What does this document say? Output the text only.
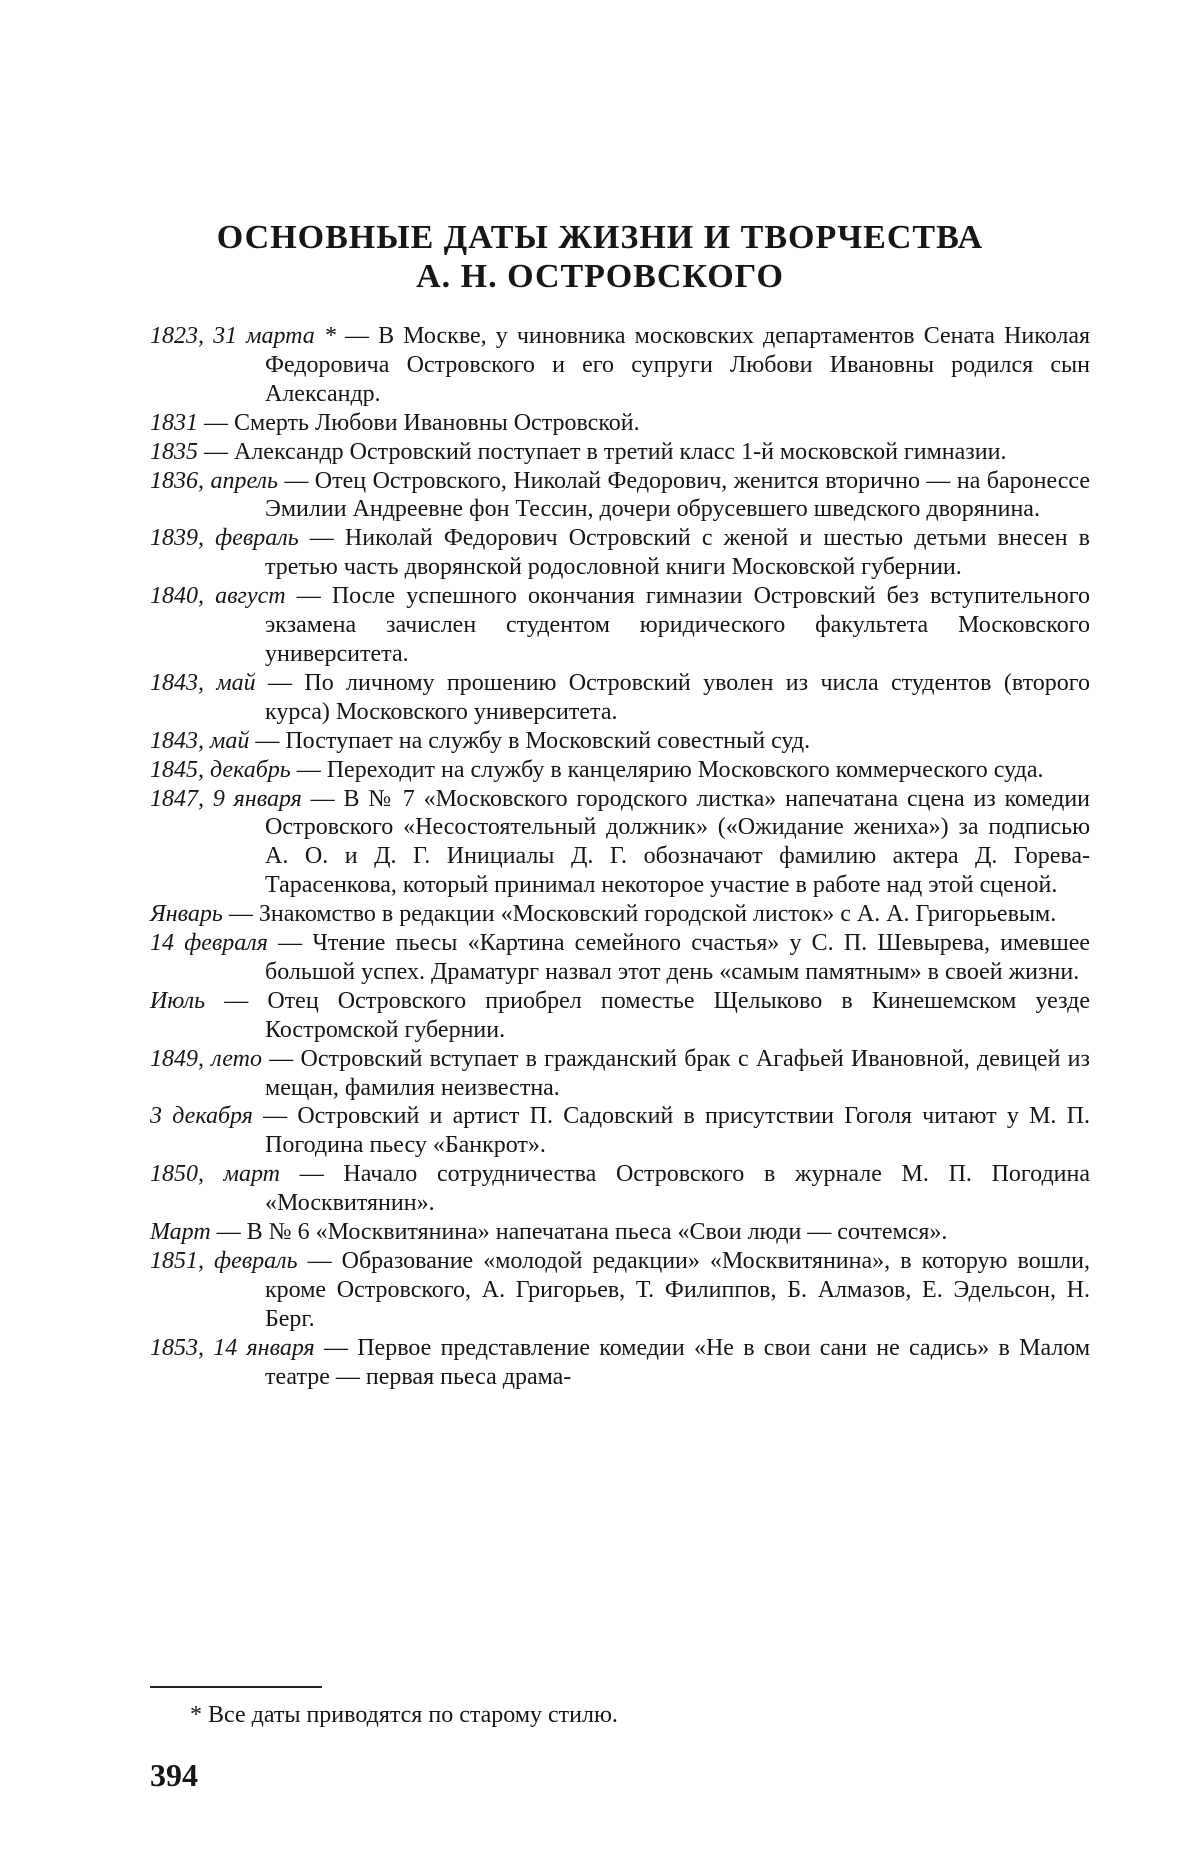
ОСНОВНЫЕ ДАТЫ ЖИЗНИ И ТВОРЧЕСТВА
А. Н. ОСТРОВСКОГО

1823, 31 марта * — В Москве, у чиновника московских департаментов Сената Николая Федоровича Островского и его супруги Любови Ивановны родился сын Александр.

1831 — Смерть Любови Ивановны Островской.

1835 — Александр Островский поступает в третий класс 1-й московской гимназии.

1836, апрель — Отец Островского, Николай Федорович, женится вторично — на баронессе Эмилии Андреевне фон Тессин, дочери обрусевшего шведского дворянина.

1839, февраль — Николай Федорович Островский с женой и шестью детьми внесен в третью часть дворянской родословной книги Московской губернии.

1840, август — После успешного окончания гимназии Островский без вступительного экзамена зачислен студентом юридического факультета Московского университета.

1843, май — По личному прошению Островский уволен из числа студентов (второго курса) Московского университета.

1843, май — Поступает на службу в Московский совестный суд.

1845, декабрь — Переходит на службу в канцелярию Московского коммерческого суда.

1847, 9 января — В № 7 «Московского городского листка» напечатана сцена из комедии Островского «Несостоятельный должник» («Ожидание жениха») за подписью А. О. и Д. Г. Инициалы Д. Г. обозначают фамилию актера Д. Горева-Тарасенкова, который принимал некоторое участие в работе над этой сценой.

Январь — Знакомство в редакции «Московский городской листок» с А. А. Григорьевым.

14 февраля — Чтение пьесы «Картина семейного счастья» у С. П. Шевырева, имевшее большой успех. Драматург назвал этот день «самым памятным» в своей жизни.

Июль — Отец Островского приобрел поместье Щелыково в Кинешемском уезде Костромской губернии.

1849, лето — Островский вступает в гражданский брак с Агафьей Ивановной, девицей из мещан, фамилия неизвестна.

3 декабря — Островский и артист П. Садовский в присутствии Гоголя читают у М. П. Погодина пьесу «Банкрот».

1850, март — Начало сотрудничества Островского в журнале М. П. Погодина «Москвитянин».

Март — В № 6 «Москвитянина» напечатана пьеса «Свои люди — сочтемся».

1851, февраль — Образование «молодой редакции» «Москвитянина», в которую вошли, кроме Островского, А. Григорьев, Т. Филиппов, Б. Алмазов, Е. Эдельсон, Н. Берг.

1853, 14 января — Первое представление комедии «Не в свои сани не садись» в Малом театре — первая пьеса драма-

* Все даты приводятся по старому стилю.
394
